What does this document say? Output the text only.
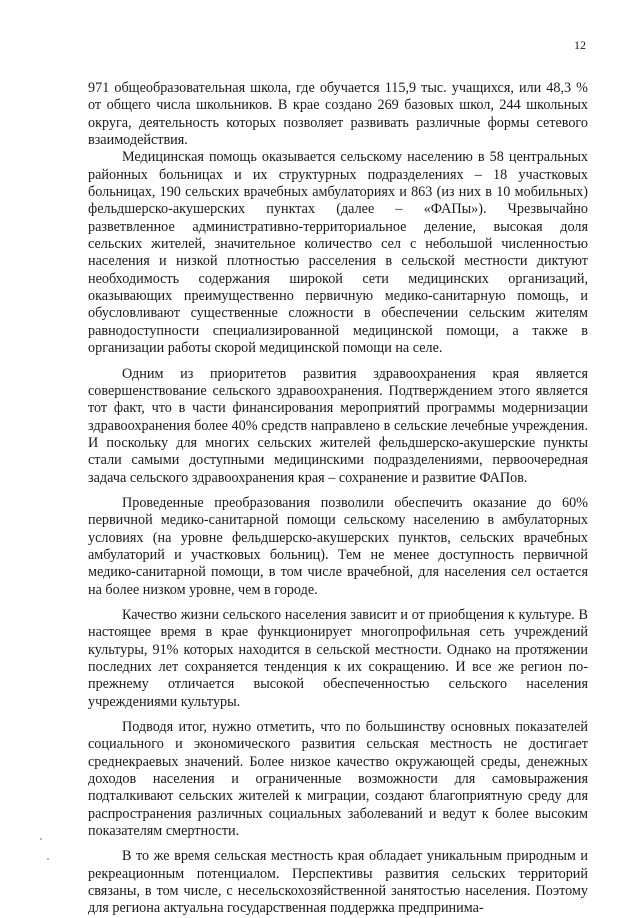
12

971 общеобразовательная школа, где обучается 115,9 тыс. учащихся, или 48,3 % от общего числа школьников. В крае создано 269 базовых школ, 244 школьных округа, деятельность которых позволяет развивать различные формы сетевого взаимодействия.

Медицинская помощь оказывается сельскому населению в 58 центральных районных больницах и их структурных подразделениях – 18 участковых больницах, 190 сельских врачебных амбулаториях и 863 (из них в 10 мобильных) фельдшерско-акушерских пунктах (далее – «ФАПы»). Чрезвычайно разветвленное административно-территориальное деление, высокая доля сельских жителей, значительное количество сел с небольшой численностью населения и низкой плотностью расселения в сельской местности диктуют необходимость содержания широкой сети медицинских организаций, оказывающих преимущественно первичную медико-санитарную помощь, и обусловливают существенные сложности в обеспечении сельским жителям равнодоступности специализированной медицинской помощи, а также в организации работы скорой медицинской помощи на селе.

Одним из приоритетов развития здравоохранения края является совершенствование сельского здравоохранения. Подтверждением этого является тот факт, что в части финансирования мероприятий программы модернизации здравоохранения более 40% средств направлено в сельские лечебные учреждения. И поскольку для многих сельских жителей фельдшерско-акушерские пункты стали самыми доступными медицинскими подразделениями, первоочередная задача сельского здравоохранения края – сохранение и развитие ФАПов.

Проведенные преобразования позволили обеспечить оказание до 60% первичной медико-санитарной помощи сельскому населению в амбулаторных условиях (на уровне фельдшерско-акушерских пунктов, сельских врачебных амбулаторий и участковых больниц). Тем не менее доступность первичной медико-санитарной помощи, в том числе врачебной, для населения сел остается на более низком уровне, чем в городе.

Качество жизни сельского населения зависит и от приобщения к культуре. В настоящее время в крае функционирует многопрофильная сеть учреждений культуры, 91% которых находится в сельской местности. Однако на протяжении последних лет сохраняется тенденция к их сокращению. И все же регион по-прежнему отличается высокой обеспеченностью сельского населения учреждениями культуры.

Подводя итог, нужно отметить, что по большинству основных показателей социального и экономического развития сельская местность не достигает среднекраевых значений. Более низкое качество окружающей среды, денежных доходов населения и ограниченные возможности для самовыражения подталкивают сельских жителей к миграции, создают благоприятную среду для распространения различных социальных заболеваний и ведут к более высоким показателям смертности.

В то же время сельская местность края обладает уникальным природным и рекреационным потенциалом. Перспективы развития сельских территорий связаны, в том числе, с несельскохозяйственной занятостью населения. Поэтому для региона актуальна государственная поддержка предпринима-
